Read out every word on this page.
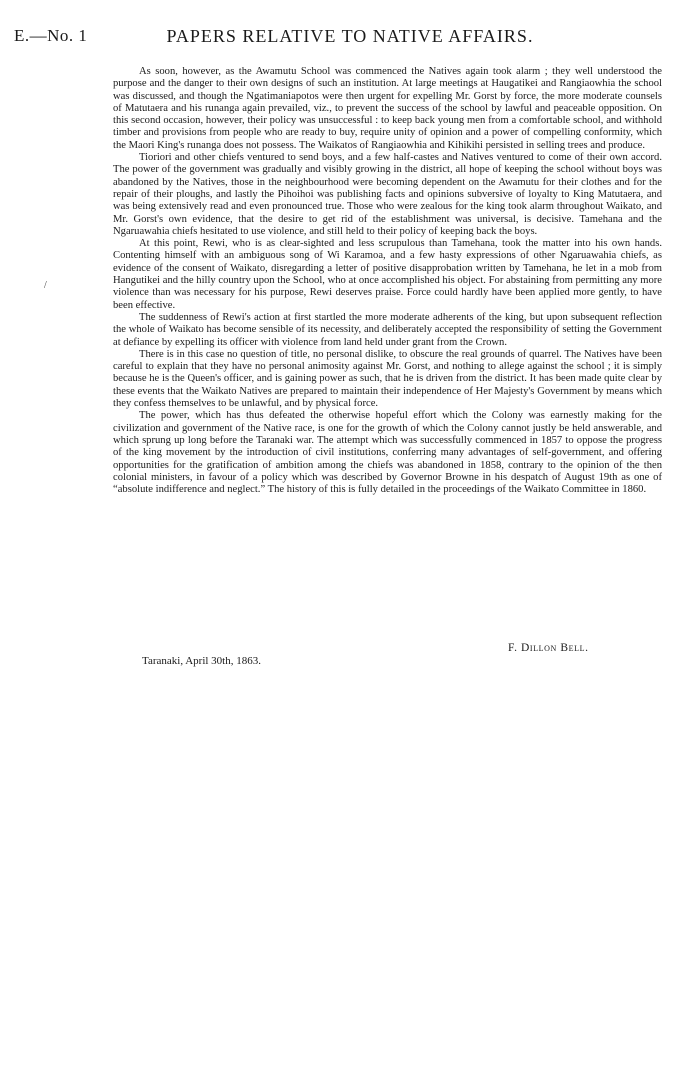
E.—No. 1	PAPERS RELATIVE TO NATIVE AFFAIRS.
/

As soon, however, as the Awamutu School was commenced the Natives again took alarm ; they well understood the purpose and the danger to their own designs of such an institution. At large meetings at Haugatikei and Rangiaowhia the school was discussed, and though the Ngatimaniapotos were then urgent for expelling Mr. Gorst by force, the more moderate counsels of Matutaera and his runanga again prevailed, viz., to prevent the success of the school by lawful and peaceable opposition. On this second occasion, however, their policy was unsuccessful : to keep back young men from a comfortable school, and withhold timber and provisions from people who are ready to buy, require unity of opinion and a power of compelling conformity, which the Maori King's runanga does not possess. The Waikatos of Rangiaowhia and Kihikihi persisted in selling trees and produce.

Tioriori and other chiefs ventured to send boys, and a few half-castes and Natives ventured to come of their own accord. The power of the government was gradually and visibly growing in the district, all hope of keeping the school without boys was abandoned by the Natives, those in the neighbourhood were becoming dependent on the Awamutu for their clothes and for the repair of their ploughs, and lastly the Pihoihoi was publishing facts and opinions subversive of loyalty to King Matutaera, and was being extensively read and even pronounced true. Those who were zealous for the king took alarm throughout Waikato, and Mr. Gorst's own evidence, that the desire to get rid of the establishment was universal, is decisive. Tamehana and the Ngaruawahia chiefs hesitated to use violence, and still held to their policy of keeping back the boys.

At this point, Rewi, who is as clear-sighted and less scrupulous than Tamehana, took the matter into his own hands. Contenting himself with an ambiguous song of Wi Karamoa, and a few hasty expressions of other Ngaruawahia chiefs, as evidence of the consent of Waikato, disregarding a letter of positive disapprobation written by Tamehana, he let in a mob from Hangutikei and the hilly country upon the School, who at once accomplished his object. For abstaining from permitting any more violence than was necessary for his purpose, Rewi deserves praise. Force could hardly have been applied more gently, to have been effective.

The suddenness of Rewi's action at first startled the more moderate adherents of the king, but upon subsequent reflection the whole of Waikato has become sensible of its necessity, and deliberately accepted the responsibility of setting the Government at defiance by expelling its officer with violence from land held under grant from the Crown.

There is in this case no question of title, no personal dislike, to obscure the real grounds of quarrel. The Natives have been careful to explain that they have no personal animosity against Mr. Gorst, and nothing to allege against the school ; it is simply because he is the Queen's officer, and is gaining power as such, that he is driven from the district. It has been made quite clear by these events that the Waikato Natives are prepared to maintain their independence of Her Majesty's Government by means which they confess themselves to be unlawful, and by physical force.

The power, which has thus defeated the otherwise hopeful effort which the Colony was earnestly making for the civilization and government of the Native race, is one for the growth of which the Colony cannot justly be held answerable, and which sprung up long before the Taranaki war. The attempt which was successfully commenced in 1857 to oppose the progress of the king movement by the introduction of civil institutions, conferring many advantages of self-government, and offering opportunities for the gratification of ambition among the chiefs was abandoned in 1858, contrary to the opinion of the then colonial ministers, in favour of a policy which was described by Governor Browne in his despatch of August 19th as one of “absolute indifference and neglect.” The history of this is fully detailed in the proceedings of the Waikato Committee in 1860.

F. Dillon Bell.
Taranaki, April 30th, 1863.
